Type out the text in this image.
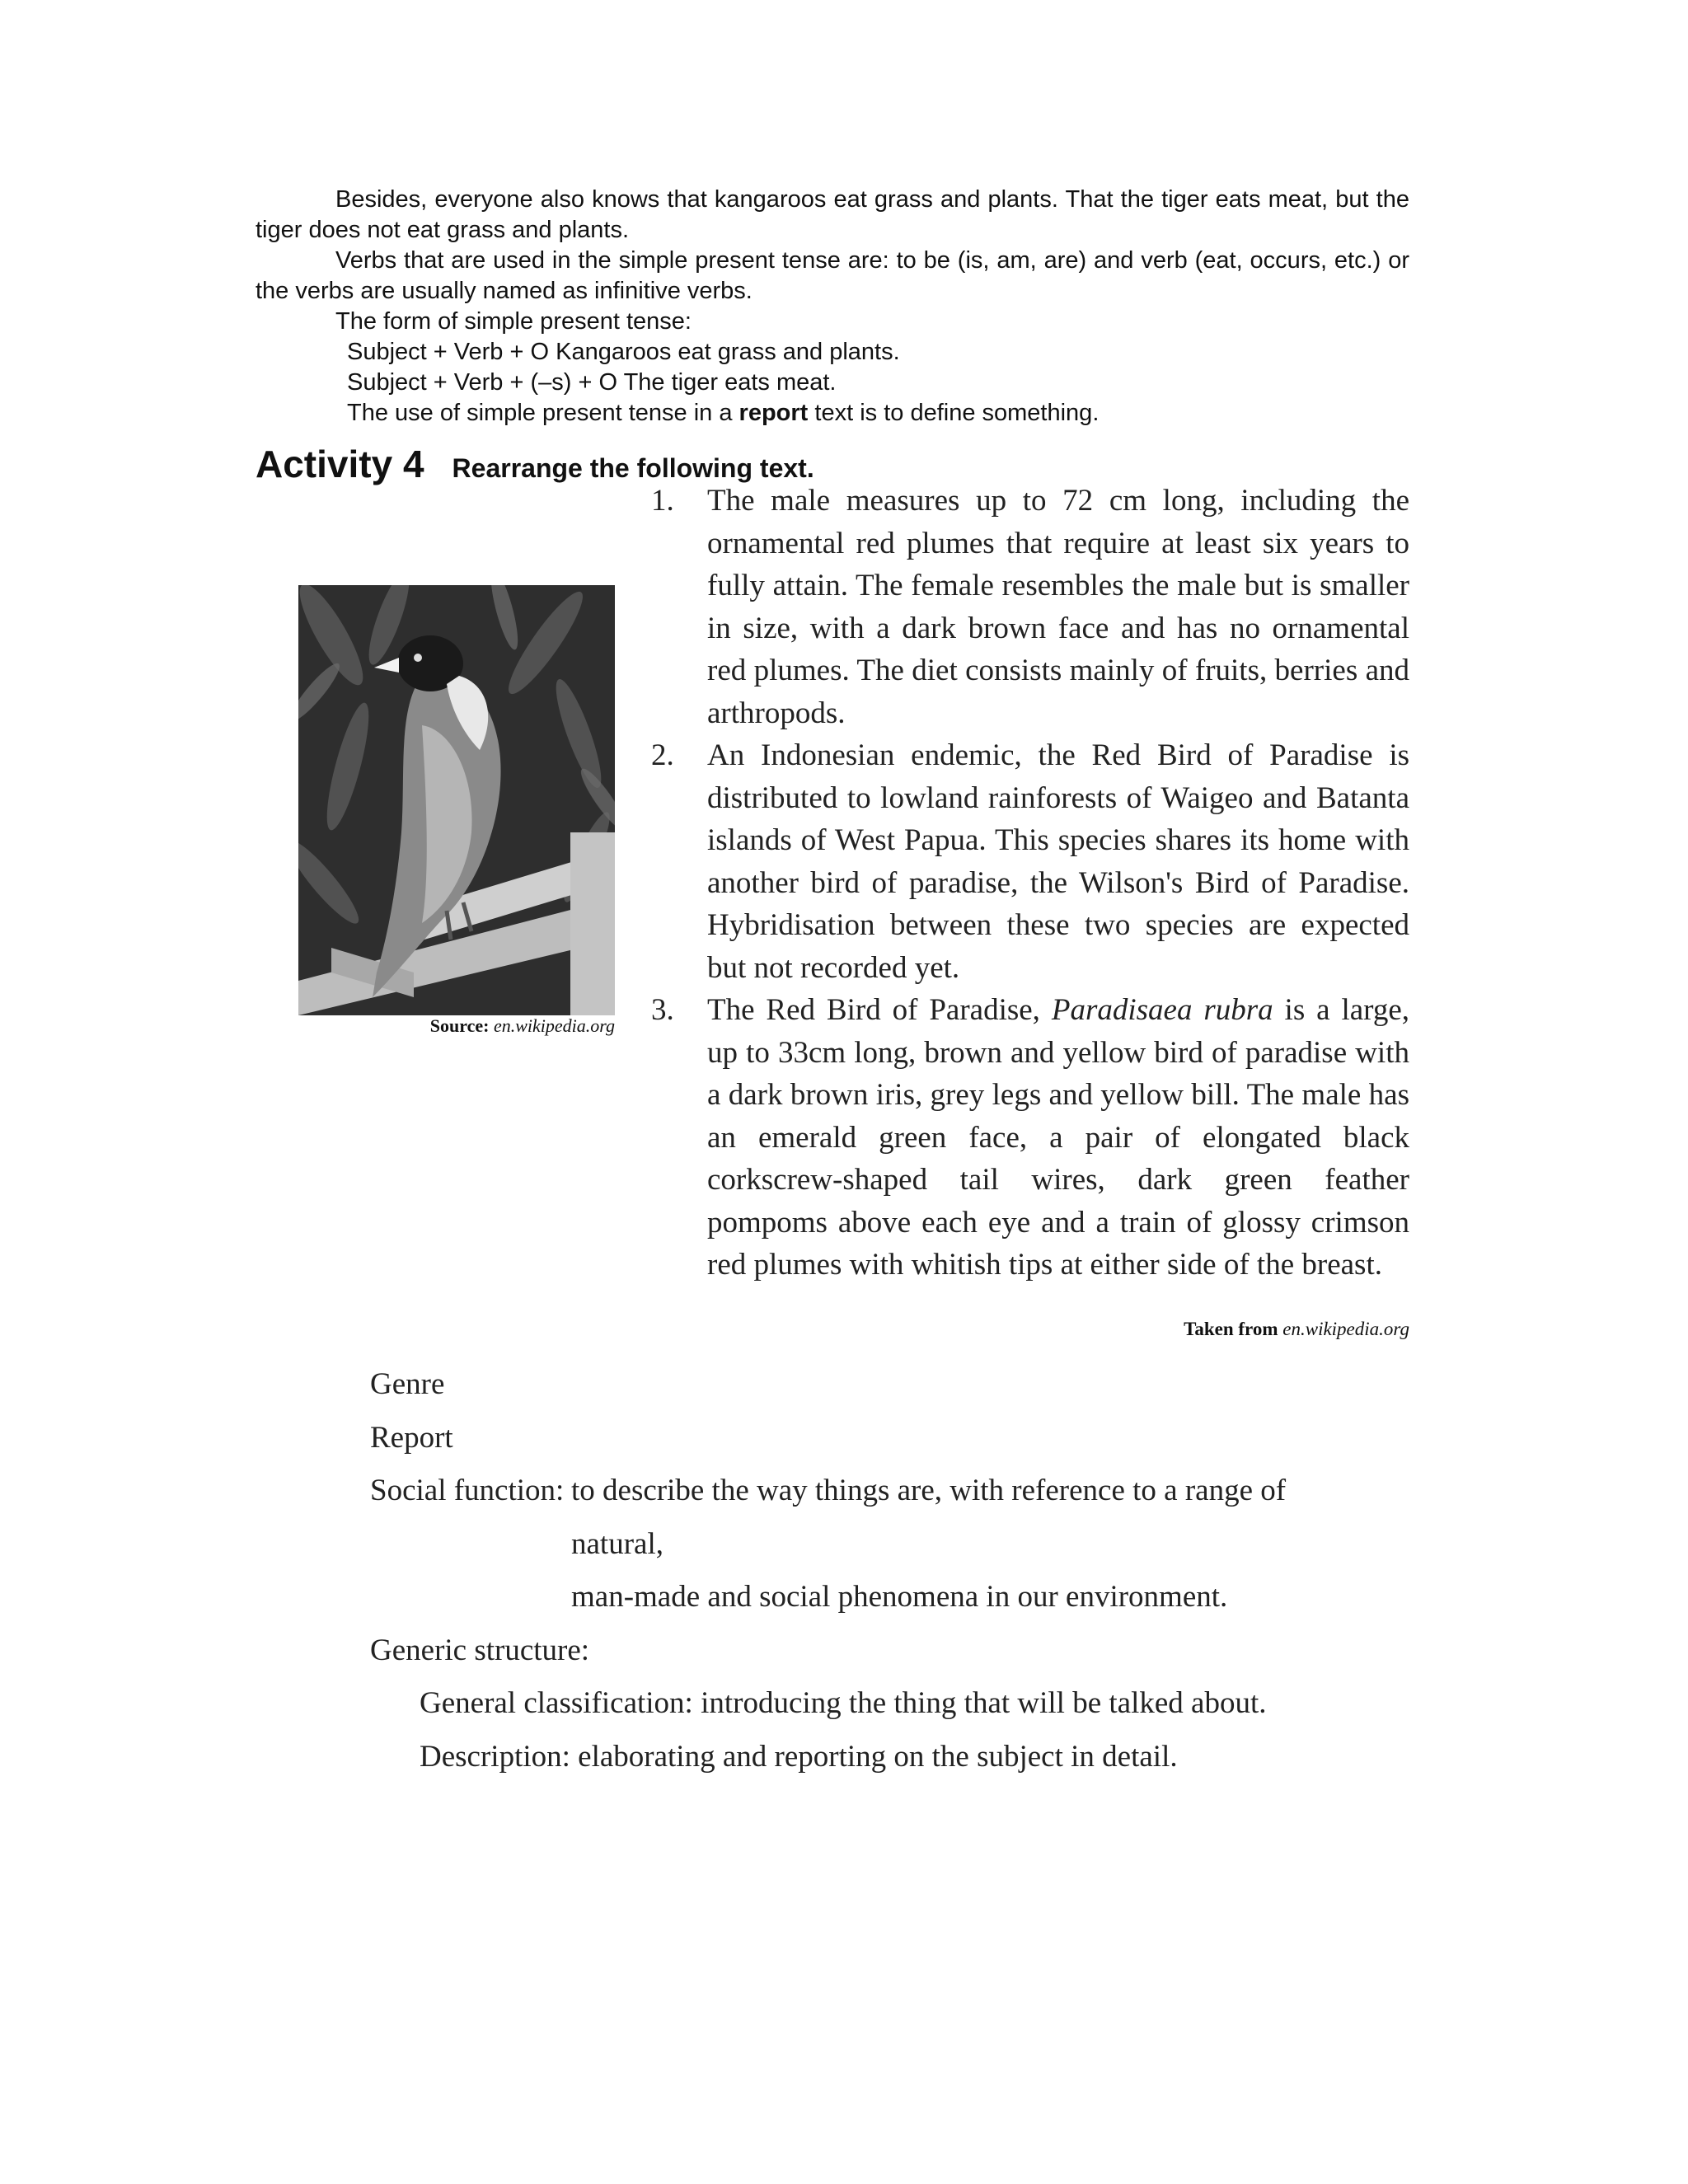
Besides, everyone also knows that kangaroos eat grass and plants. That the tiger eats meat, but the tiger does not eat grass and plants.

Verbs that are used in the simple present tense are: to be (is, am, are) and verb (eat, occurs, etc.) or the verbs are usually named as infinitive verbs.

The form of simple present tense:
Subject + Verb + O Kangaroos eat grass and plants.
Subject + Verb + (–s) + O The tiger eats meat.
The use of simple present tense in a report text is to define something.
Activity 4 Rearrange the following text.
Source: en.wikipedia.org
1.	The male measures up to 72 cm long, including the ornamental red plumes that require at least six years to fully attain. The female resembles the male but is smaller in size, with a dark brown face and has no ornamental red plumes. The diet consists mainly of fruits, berries and arthropods.
2.	An Indonesian endemic, the Red Bird of Paradise is distributed to lowland rainforests of Waigeo and Batanta islands of West Papua. This species shares its home with another bird of paradise, the Wilson's Bird of Paradise. Hybridisation between these two species are expected but not recorded yet.
3.	The Red Bird of Paradise, Paradisaea rubra is a large, up to 33cm long, brown and yellow bird of paradise with a dark brown iris, grey legs and yellow bill. The male has an emerald green face, a pair of elongated black corkscrew-shaped tail wires, dark green feather pompoms above each eye and a train of glossy crimson red plumes with whitish tips at either side of the breast.
Taken from en.wikipedia.org
Genre
Report
Social function: to describe the way things are, with reference to a range of natural,
man-made and social phenomena in our environment.
Generic structure:
General classification: introducing the thing that will be talked about.
Description: elaborating and reporting on the subject in detail.
